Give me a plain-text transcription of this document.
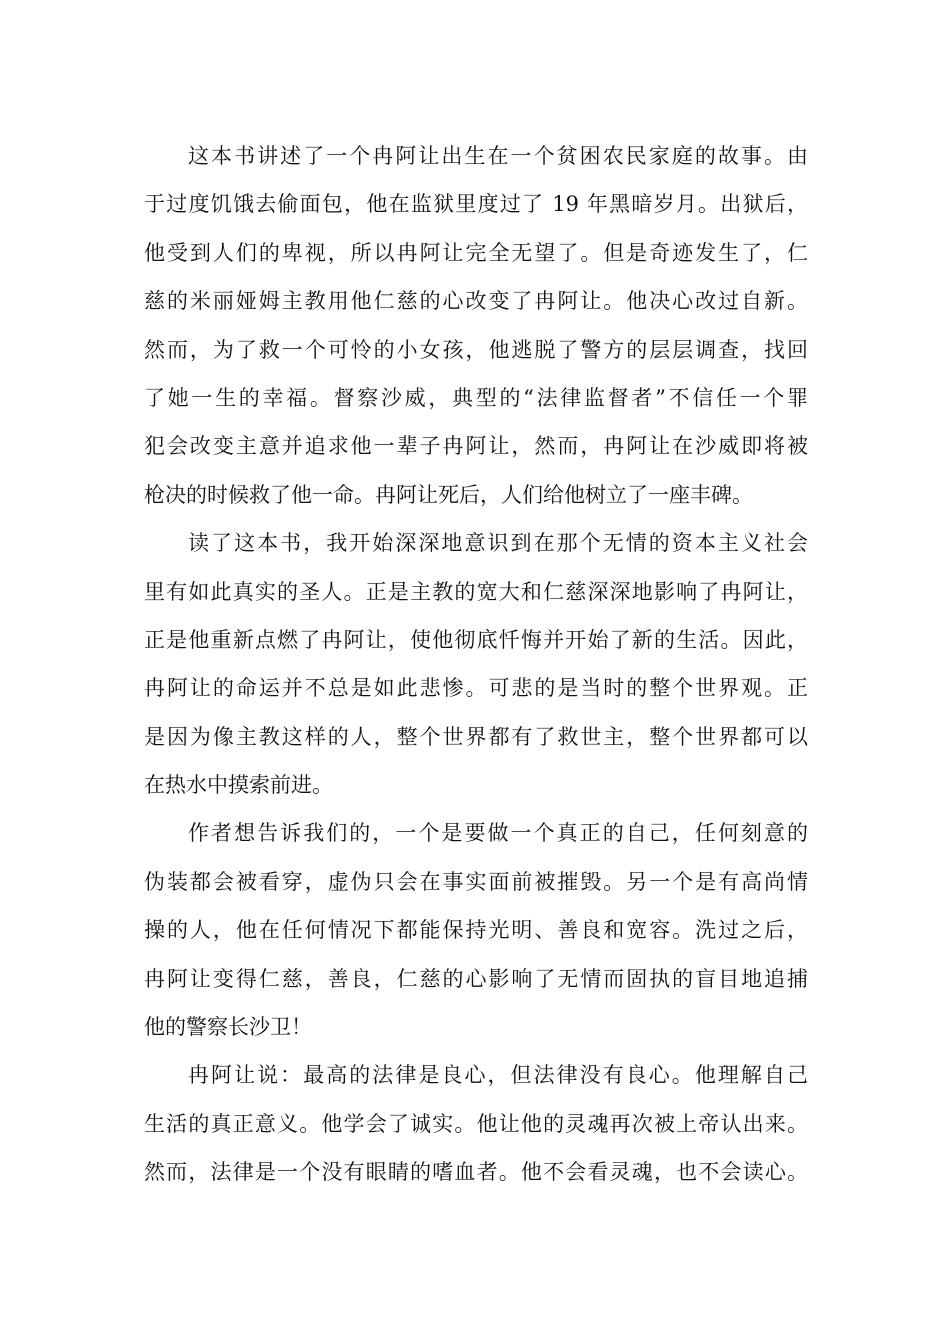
这本书讲述了一个冉阿让出生在一个贫困农民家庭的故事。由
于过度饥饿去偷面包，他在监狱里度过了 19 年黑暗岁月。出狱后，
他受到人们的卑视，所以冉阿让完全无望了。但是奇迹发生了，仁
慈的米丽娅姆主教用他仁慈的心改变了冉阿让。他决心改过自新。
然而，为了救一个可怜的小女孩，他逃脱了警方的层层调查，找回
了她一生的幸福。督察沙威，典型的“法律监督者”不信任一个罪
犯会改变主意并追求他一辈子冉阿让，然而，冉阿让在沙威即将被
枪决的时候救了他一命。冉阿让死后，人们给他树立了一座丰碑。
读了这本书，我开始深深地意识到在那个无情的资本主义社会
里有如此真实的圣人。正是主教的宽大和仁慈深深地影响了冉阿让，
正是他重新点燃了冉阿让，使他彻底忏悔并开始了新的生活。因此，
冉阿让的命运并不总是如此悲惨。可悲的是当时的整个世界观。正
是因为像主教这样的人，整个世界都有了救世主，整个世界都可以
在热水中摸索前进。
作者想告诉我们的，一个是要做一个真正的自己，任何刻意的
伪装都会被看穿，虚伪只会在事实面前被摧毁。另一个是有高尚情
操的人，他在任何情况下都能保持光明、善良和宽容。洗过之后，
冉阿让变得仁慈，善良，仁慈的心影响了无情而固执的盲目地追捕
他的警察长沙卫！
冉阿让说：最高的法律是良心，但法律没有良心。他理解自己
生活的真正意义。他学会了诚实。他让他的灵魂再次被上帝认出来。
然而，法律是一个没有眼睛的嗜血者。他不会看灵魂，也不会读心。
